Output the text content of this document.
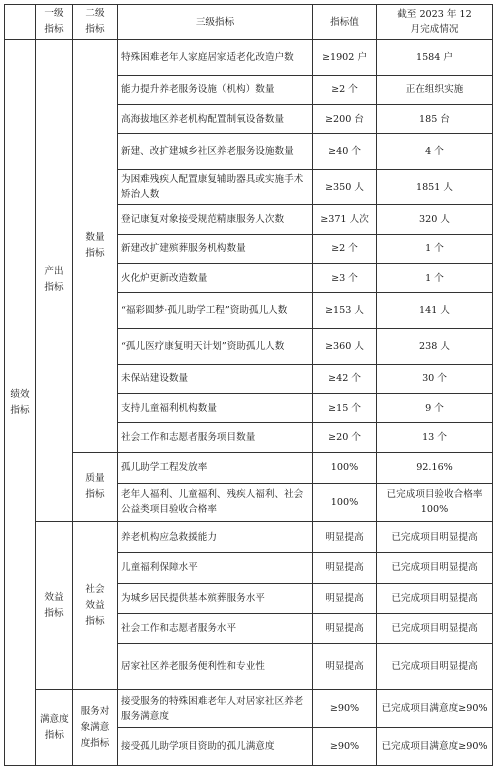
	一级指标	二级指标	三级指标	指标值	截至 2023 年 12 月完成情况
绩效指标	产出指标	数量指标	特殊困难老年人家庭居家适老化改造户数	≥1902 户	1584 户
			能力提升养老服务设施（机构）数量	≥2 个	正在组织实施
			高海拔地区养老机构配置制氧设备数量	≥200 台	185 台
			新建、改扩建城乡社区养老服务设施数量	≥40 个	4 个
			为困难残疾人配置康复辅助器具或实施手术矫治人数	≥350 人	1851 人
			登记康复对象接受规范精康服务人次数	≥371 人次	320 人
			新建改扩建殡葬服务机构数量	≥2 个	1 个
			火化炉更新改造数量	≥3 个	1 个
			“福彩圆梦·孤儿助学工程”资助孤儿人数	≥153 人	141 人
			“孤儿医疗康复明天计划”资助孤儿人数	≥360 人	238 人
			未保站建设数量	≥42 个	30 个
			支持儿童福利机构数量	≥15 个	9 个
			社会工作和志愿者服务项目数量	≥20 个	13 个
		质量指标	孤儿助学工程发放率	100%	92.16%
			老年人福利、儿童福利、残疾人福利、社会公益类项目验收合格率	100%	已完成项目验收合格率 100%
	效益指标	社会效益指标	养老机构应急救援能力	明显提高	已完成项目明显提高
			儿童福利保障水平	明显提高	已完成项目明显提高
			为城乡居民提供基本殡葬服务水平	明显提高	已完成项目明显提高
			社会工作和志愿者服务水平	明显提高	已完成项目明显提高
			居家社区养老服务便利性和专业性	明显提高	已完成项目明显提高
	满意度指标	服务对象满意度指标	接受服务的特殊困难老年人对居家社区养老服务满意度	≥90%	已完成项目满意度≥90%
			接受孤儿助学项目资助的孤儿满意度	≥90%	已完成项目满意度≥90%
